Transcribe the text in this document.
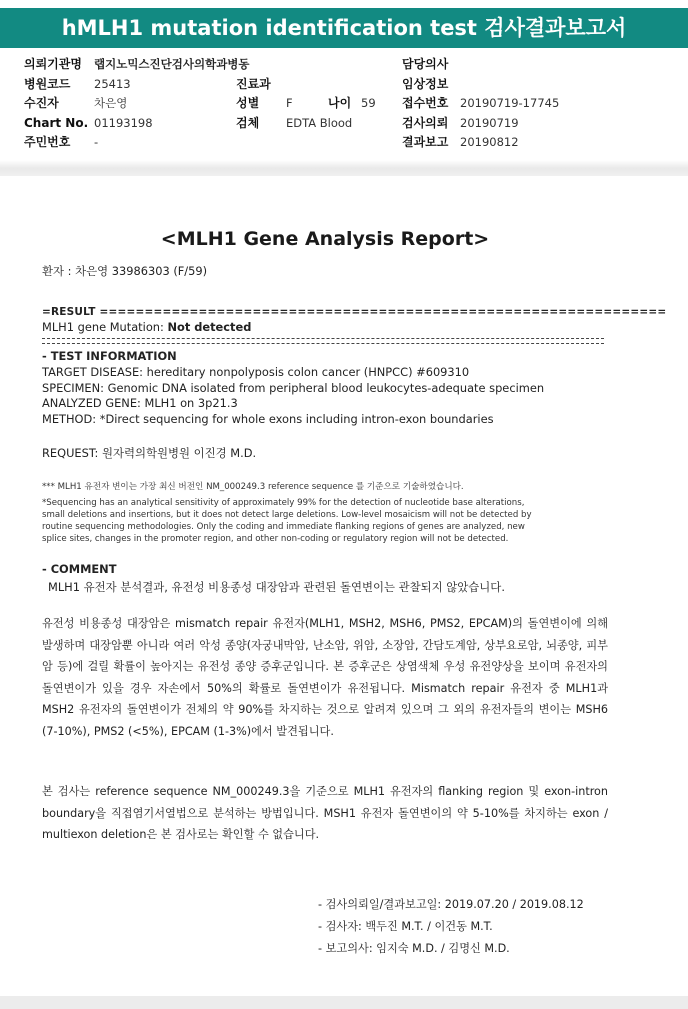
hMLH1 mutation identification test 검사결과보고서
의뢰기관명 랩지노믹스진단검사의학과병동
병원코드 25413
수진자	차은영
Chart No. 01193198
주민번호 -
진료과
성별 F	나이 59
검체 EDTA Blood
담당의사
임상정보
접수번호 20190719-17745
검사의뢰 20190719
결과보고 20190812
<MLH1 Gene Analysis Report>
환자 : 차은영 33986303 (F/59)
=RESULT ===============================================================
MLH1 gene Mutation: Not detected
- TEST INFORMATION
TARGET DISEASE: hereditary nonpolyposis colon cancer (HNPCC) #609310
SPECIMEN: Genomic DNA isolated from peripheral blood leukocytes-adequate specimen
ANALYZED GENE: MLH1 on 3p21.3
METHOD: *Direct sequencing for whole exons including intron-exon boundaries
REQUEST: 원자력의학원병원 이진경 M.D.
*** MLH1 유전자 변이는 가장 최신 버전인 NM_000249.3 reference sequence 를 기준으로 기술하였습니다.
*Sequencing has an analytical sensitivity of approximately 99% for the detection of nucleotide base alterations,
small deletions and insertions, but it does not detect large deletions. Low-level mosaicism will not be detected by
routine sequencing methodologies. Only the coding and immediate flanking regions of genes are analyzed, new
splice sites, changes in the promoter region, and other non-coding or regulatory region will not be detected.
- COMMENT
MLH1 유전자 분석결과, 유전성 비용종성 대장암과 관련된 돌연변이는 관찰되지 않았습니다.
유전성 비용종성 대장암은 mismatch repair 유전자(MLH1, MSH2, MSH6, PMS2, EPCAM)의 돌연변이에 의해 발생하며 대장암뿐 아니라 여러 악성 종양(자궁내막암, 난소암, 위암, 소장암, 간담도계암, 상부요로암, 뇌종양, 피부암 등)에 걸릴 확률이 높아지는 유전성 종양 증후군입니다. 본 증후군은 상염색체 우성 유전양상을 보이며 유전자의 돌연변이가 있을 경우 자손에서 50%의 확률로 돌연변이가 유전됩니다. Mismatch repair 유전자 중 MLH1과 MSH2 유전자의 돌연변이가 전체의 약 90%를 차지하는 것으로 알려져 있으며 그 외의 유전자들의 변이는 MSH6 (7-10%), PMS2 (<5%), EPCAM (1-3%)에서 발견됩니다.
본 검사는 reference sequence NM_000249.3을 기준으로 MLH1 유전자의 flanking region 및 exon-intron boundary을 직접염기서열법으로 분석하는 방법입니다. MSH1 유전자 돌연변이의 약 5-10%를 차지하는 exon / multiexon deletion은 본 검사로는 확인할 수 없습니다.
- 검사의뢰일/결과보고일: 2019.07.20 / 2019.08.12
- 검사자: 백두진 M.T. / 이건동 M.T.
- 보고의사: 임지숙 M.D. / 김명신 M.D.
